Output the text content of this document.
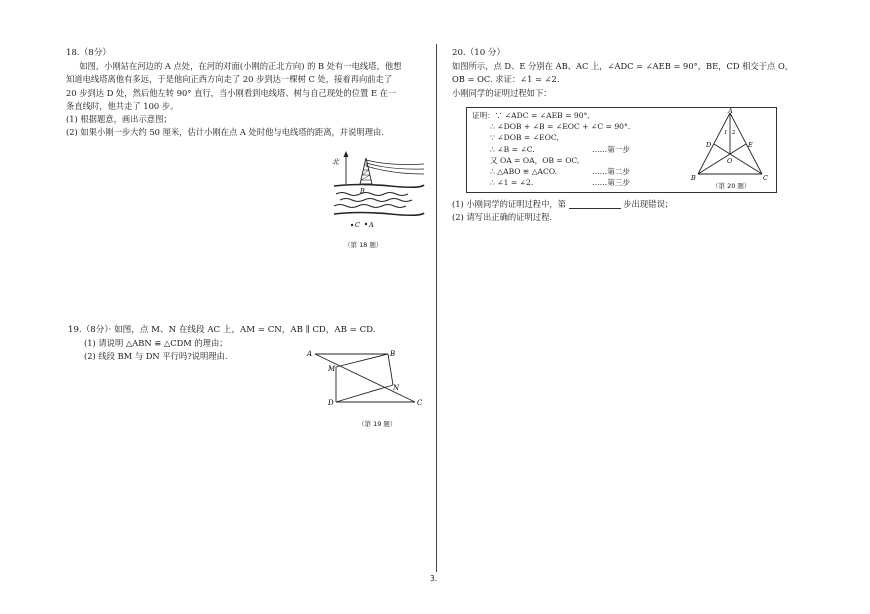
18.（8分）

如图，小刚站在河边的 A 点处，在河的对面(小刚的正北方向) 的 B 处有一电线塔，他想

知道电线塔离他有多远，于是他向正西方向走了 20 步到达一棵树 C 处，接着再向前走了

20 步到达 D 处，然后他左转 90° 直行，当小刚看到电线塔、树与自己现处的位置 E 在一

条直线时，他共走了 100 步。

(1) 根据题意，画出示意图；

(2) 如果小刚一步大约 50 厘米，估计小刚在点 A 处时他与电线塔的距离，并说明理由.

北
B
C A
（第 18 题）

19.（8分）· 如图，点 M、N 在线段 AC 上，AM = CN，AB ∥ CD，AB = CD.

(1) 请说明 △ABN ≌ △CDM 的理由；

(2) 线段 BM 与 DN 平行吗?说明理由.	A	B
M
N
D	C
（第 19 题）

20.（10 分）

如图所示，点 D、E 分别在 AB、AC 上，∠ADC = ∠AEB = 90°，BE，CD 相交于点 O，

OB = OC. 求证：∠1 = ∠2.

小刚同学的证明过程如下：

证明：∵ ∠ADC = ∠AEB = 90°,
∴ ∠DOB + ∠B = ∠EOC + ∠C = 90°.
∵ ∠DOB = ∠EOC,
∴ ∠B = ∠C.	……第一步
又 OA = OA，OB = OC,
∴ △ABO ≌ △ACO.	……第二步
∴ ∠1 = ∠2.	……第三步
A
D	E
O
B	C
1 2
（第 20 题）

(1) 小刚同学的证明过程中，第	步出现错误；

(2) 请写出正确的证明过程.

3.
